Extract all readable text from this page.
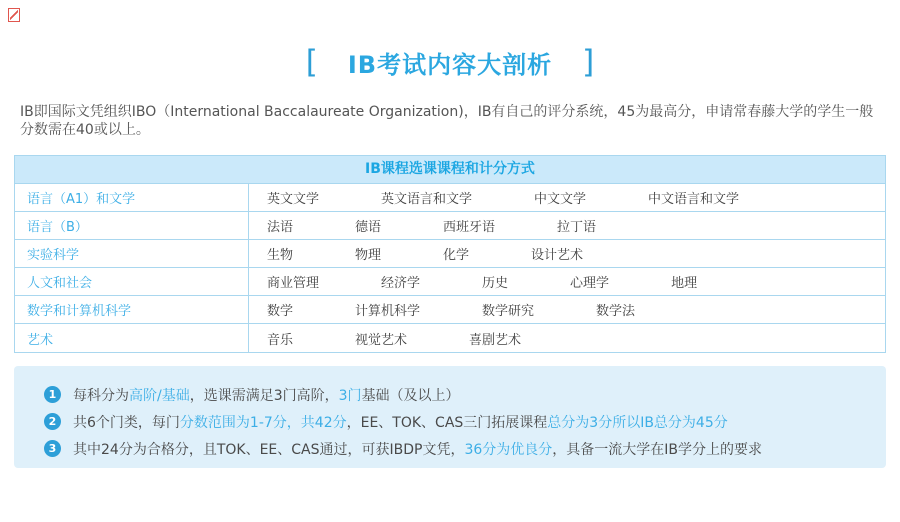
[ IB考试内容大剖析 ]

IB即国际文凭组织IBO（International Baccalaureate Organization)，IB有自己的评分系统，45为最高分，申请常春藤大学的学生一般分数需在40或以上。

IB课程选课课程和计分方式
语言（A1）和文学	英文文学	英文语言和文学	中文文学	中文语言和文学
语言（B）	法语	德语	西班牙语	拉丁语
实验科学	生物	物理	化学	设计艺术
人文和社会	商业管理	经济学	历史	心理学	地理
数学和计算机科学	数学	计算机科学	数学研究	数学法
艺术	音乐	视觉艺术	喜剧艺术
1	每科分为高阶/基础，选课需满足3门高阶，3门基础（及以上）
2	共6个门类，每门分数范围为1-7分，共42分，EE、TOK、CAS三门拓展课程总分为3分所以IB总分为45分
3	其中24分为合格分，且TOK、EE、CAS通过，可获IBDP文凭，36分为优良分，具备一流大学在IB学分上的要求
